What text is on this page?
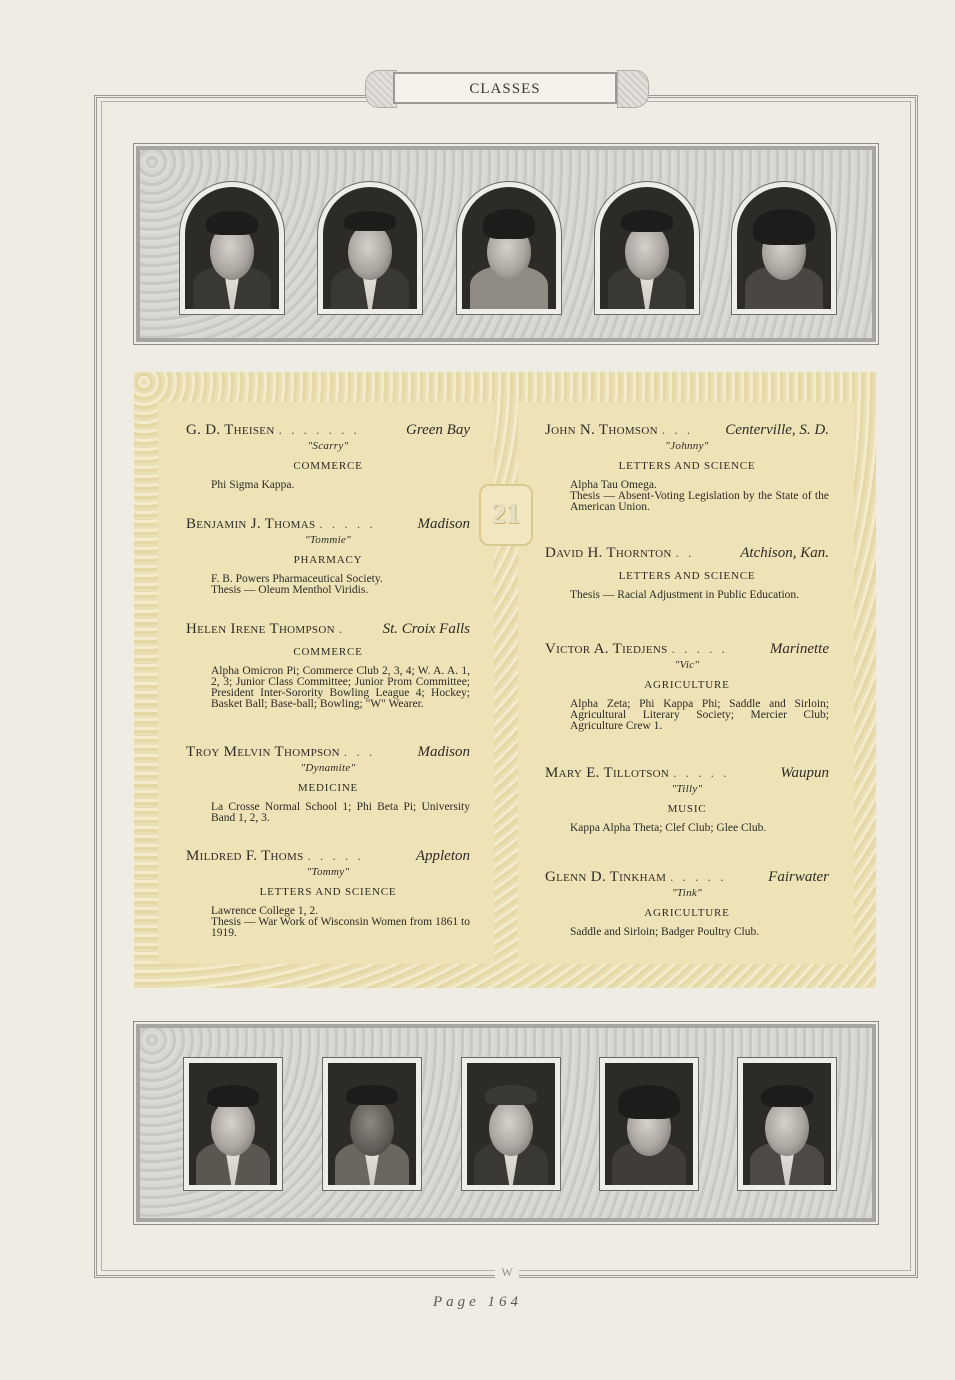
CLASSES
21
G. D. Theisen . . . . . . .	Green Bay
"Scarry"
COMMERCE
Phi Sigma Kappa.
Benjamin J. Thomas . . . . .	Madison
"Tommie"
PHARMACY
F. B. Powers Pharmaceutical Society.
Thesis — Oleum Menthol Viridis.
Helen Irene Thompson .	St. Croix Falls
COMMERCE
Alpha Omicron Pi; Commerce Club 2, 3, 4; W. A. A. 1, 2, 3; Junior Class Committee; Junior Prom Committee; President Inter-Sorority Bowling League 4; Hockey; Basket Ball; Base-ball; Bowling; "W" Wearer.
Troy Melvin Thompson . . .	Madison
"Dynamite"
MEDICINE
La Crosse Normal School 1; Phi Beta Pi; University Band 1, 2, 3.
Mildred F. Thoms . . . . .	Appleton
"Tommy"
LETTERS AND SCIENCE
Lawrence College 1, 2.
Thesis — War Work of Wisconsin Women from 1861 to 1919.
John N. Thomson . . .	Centerville, S. D.
"Johnny"
LETTERS AND SCIENCE
Alpha Tau Omega.
Thesis — Absent-Voting Legislation by the State of the American Union.
David H. Thornton . .	Atchison, Kan.
LETTERS AND SCIENCE
Thesis — Racial Adjustment in Public Education.
Victor A. Tiedjens . . . . .	Marinette
"Vic"
AGRICULTURE
Alpha Zeta; Phi Kappa Phi; Saddle and Sirloin; Agricultural Literary Society; Mercier Club; Agriculture Crew 1.
Mary E. Tillotson . . . . .	Waupun
"Tilly"
MUSIC
Kappa Alpha Theta; Clef Club; Glee Club.
Glenn D. Tinkham . . . . .	Fairwater
"Tink"
AGRICULTURE
Saddle and Sirloin; Badger Poultry Club.
W
Page 164
